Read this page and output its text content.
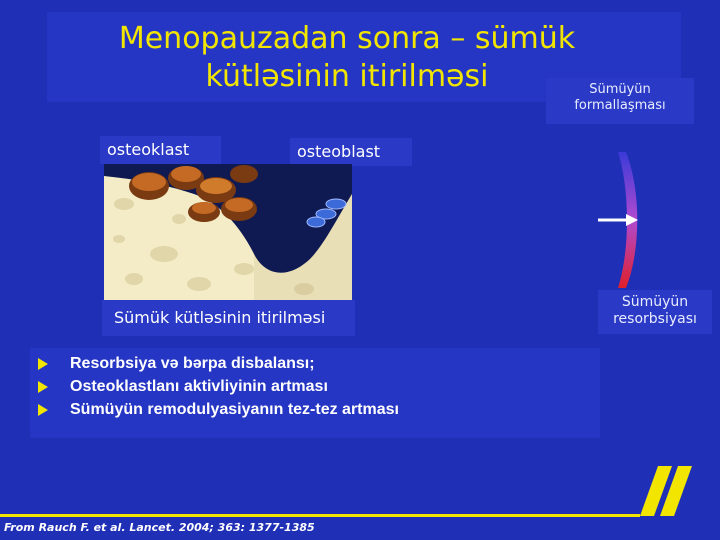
Menopauzadan sonra – sümük
kütləsinin itirilməsi	Sümüyün
formallaşması
osteoklast	osteoblast
Sümük kütləsinin itirilməsi
Sümüyün
resorbsiyası
Resorbsiya və bərpa disbalansı;
Osteoklastlanı aktivliyinin artması
Sümüyün remodulyasiyanın tez-tez artması
From Rauch F. et al. Lancet. 2004; 363: 1377-1385
